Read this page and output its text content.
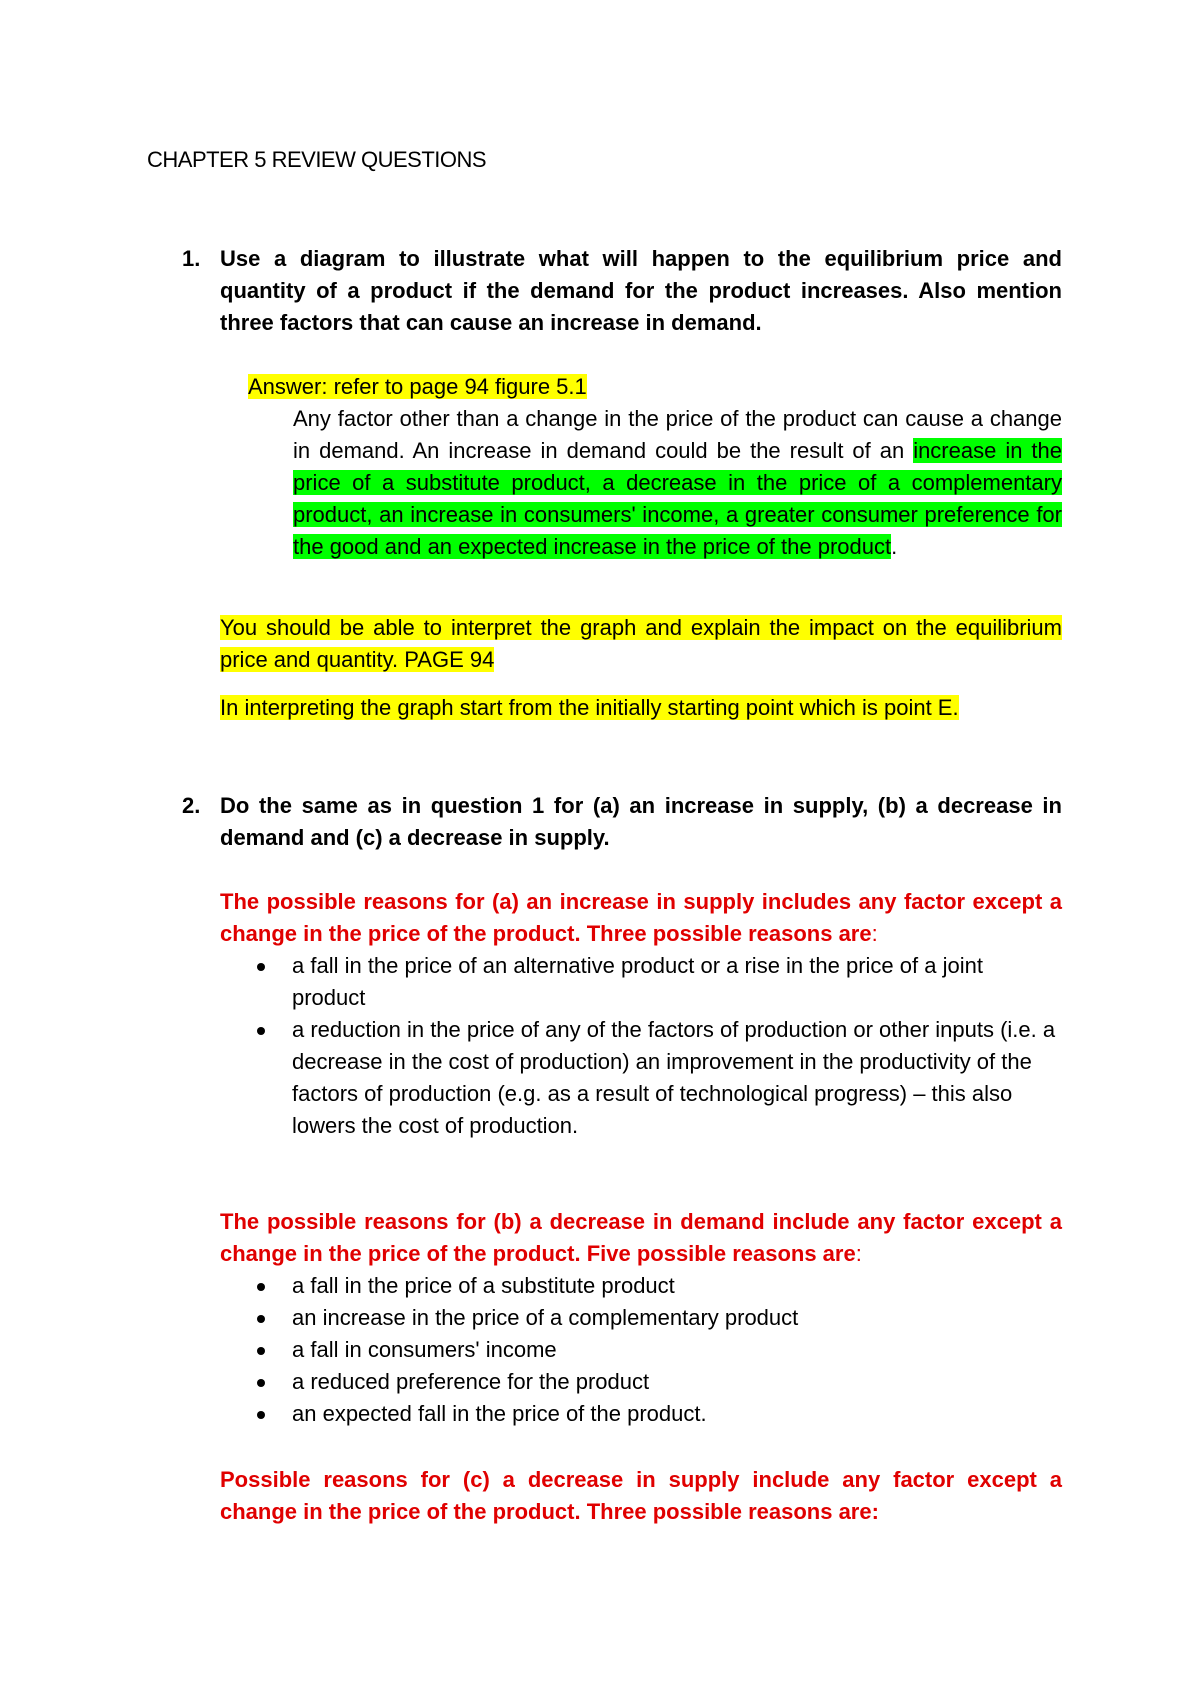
CHAPTER 5 REVIEW QUESTIONS
1. Use a diagram to illustrate what will happen to the equilibrium price and quantity of a product if the demand for the product increases. Also mention three factors that can cause an increase in demand.
Answer: refer to page 94 figure 5.1
Any factor other than a change in the price of the product can cause a change in demand. An increase in demand could be the result of an increase in the price of a substitute product, a decrease in the price of a complementary product, an increase in consumers' income, a greater consumer preference for the good and an expected increase in the price of the product.
You should be able to interpret the graph and explain the impact on the equilibrium price and quantity. PAGE 94
In interpreting the graph start from the initially starting point which is point E.
2. Do the same as in question 1 for (a) an increase in supply, (b) a decrease in demand and (c) a decrease in supply.
The possible reasons for (a) an increase in supply includes any factor except a change in the price of the product. Three possible reasons are:
a fall in the price of an alternative product or a rise in the price of a joint product
a reduction in the price of any of the factors of production or other inputs (i.e. a decrease in the cost of production) an improvement in the productivity of the factors of production (e.g. as a result of technological progress) – this also lowers the cost of production.
The possible reasons for (b) a decrease in demand include any factor except a change in the price of the product. Five possible reasons are:
a fall in the price of a substitute product
an increase in the price of a complementary product
a fall in consumers' income
a reduced preference for the product
an expected fall in the price of the product.
Possible reasons for (c) a decrease in supply include any factor except a change in the price of the product. Three possible reasons are:
